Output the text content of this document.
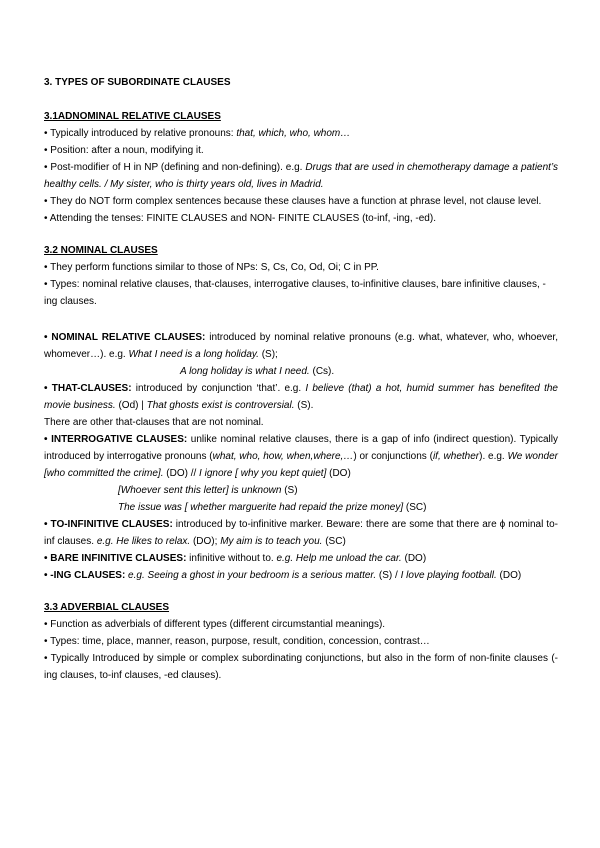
3. TYPES OF SUBORDINATE CLAUSES

3.1ADNOMINAL RELATIVE CLAUSES

• Typically introduced by relative pronouns: that, which, who, whom…

• Position: after a noun, modifying it.

• Post-modifier of H in NP (defining and non-defining). e.g. Drugs that are used in chemotherapy damage a patient’s healthy cells. / My sister, who is thirty years old, lives in Madrid.

• They do NOT form complex sentences because these clauses have a function at phrase level, not clause level.

• Attending the tenses: FINITE CLAUSES and NON- FINITE CLAUSES (to-inf, -ing, -ed).

3.2 NOMINAL CLAUSES

• They perform functions similar to those of NPs: S, Cs, Co, Od, Oi; C in PP.

• Types: nominal relative clauses, that-clauses, interrogative clauses, to-infinitive clauses, bare infinitive clauses, -ing clauses.

• NOMINAL RELATIVE CLAUSES: introduced by nominal relative pronouns (e.g. what, whatever, who, whoever, whomever…). e.g. What I need is a long holiday. (S);

A long holiday is what I need. (Cs).

• THAT-CLAUSES: introduced by conjunction ‘that’. e.g. I believe (that) a hot, humid summer has benefited the movie business. (Od) | That ghosts exist is controversial. (S).

There are other that-clauses that are not nominal.

• INTERROGATIVE CLAUSES: unlike nominal relative clauses, there is a gap of info (indirect question). Typically introduced by interrogative pronouns (what, who, how, when,where,…) or conjunctions (if, whether). e.g. We wonder [who committed the crime]. (DO) // I ignore [ why you kept quiet] (DO)

[Whoever sent this letter] is unknown (S)

The issue was [ whether marguerite had repaid the prize money] (SC)

• TO-INFINITIVE CLAUSES: introduced by to-infinitive marker. Beware: there are some that there are ϕ nominal to-inf clauses. e.g. He likes to relax. (DO); My aim is to teach you. (SC)

• BARE INFINITIVE CLAUSES: infinitive without to. e.g. Help me unload the car. (DO)

• -ING CLAUSES: e.g. Seeing a ghost in your bedroom is a serious matter. (S) / I love playing football. (DO)

3.3 ADVERBIAL CLAUSES

• Function as adverbials of different types (different circumstantial meanings).

• Types: time, place, manner, reason, purpose, result, condition, concession, contrast…

• Typically Introduced by simple or complex subordinating conjunctions, but also in the form of non-finite clauses (-ing clauses, to-inf clauses, -ed clauses).
